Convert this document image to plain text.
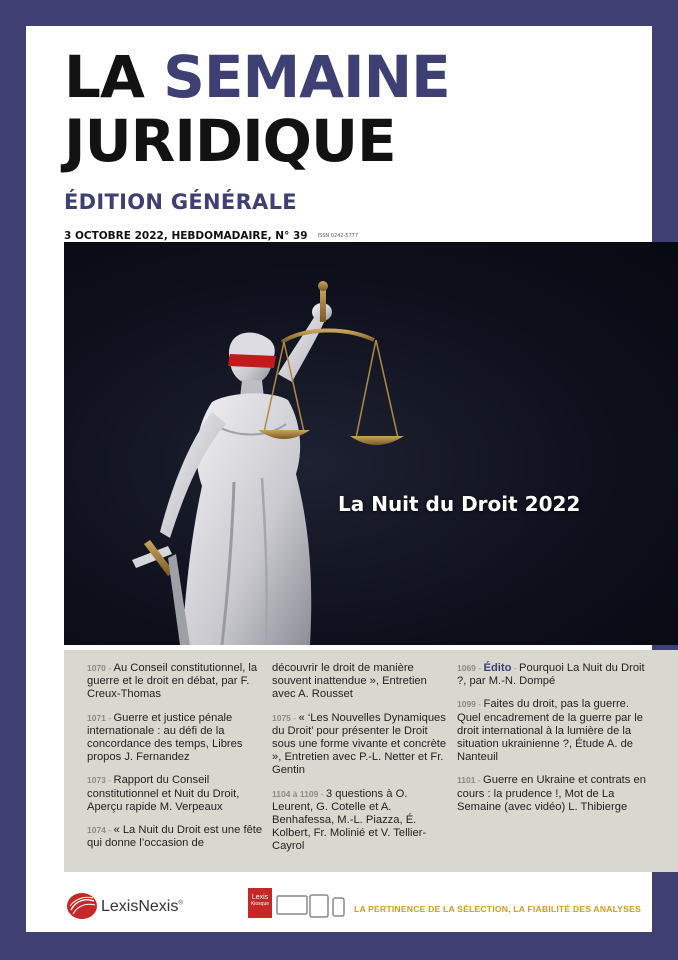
LA SEMAINE
JURIDIQUE
ÉDITION GÉNÉRALE
3 OCTOBRE 2022, HEBDOMADAIRE, N° 39 ISSN 0242-5777
La Nuit du Droit 2022

1070 - Au Conseil constitutionnel, la guerre et le droit en débat, par F. Creux-Thomas

1071 - Guerre et justice pénale internationale : au défi de la concordance des temps, Libres propos J. Fernandez

1073 - Rapport du Conseil constitutionnel et Nuit du Droit, Aperçu rapide M. Verpeaux

1074 - « La Nuit du Droit est une fête qui donne l’occasion de

découvrir le droit de manière souvent inattendue », Entretien avec A. Rousset

1075 - « ‘Les Nouvelles Dynamiques du Droit’ pour présenter le Droit sous une forme vivante et concrète », Entretien avec P.-L. Netter et Fr. Gentin

1104 à 1109 - 3 questions à O. Leurent, G. Cotelle et A. Benhafessa, M.-L. Piazza, É. Kolbert, Fr. Molinié et V. Tellier-Cayrol

1069 - Édito - Pourquoi La Nuit du Droit ?, par M.-N. Dompé

1099 - Faites du droit, pas la guerre. Quel encadrement de la guerre par le droit international à la lumière de la situation ukrainienne ?, Étude A. de Nanteuil

1101 - Guerre en Ukraine et contrats en cours : la prudence !, Mot de La Semaine (avec vidéo) L. Thibierge

LexisNexis®
Lexis
Kiosque
LA PERTINENCE DE LA SÉLECTION, LA FIABILITÉ DES ANALYSES
